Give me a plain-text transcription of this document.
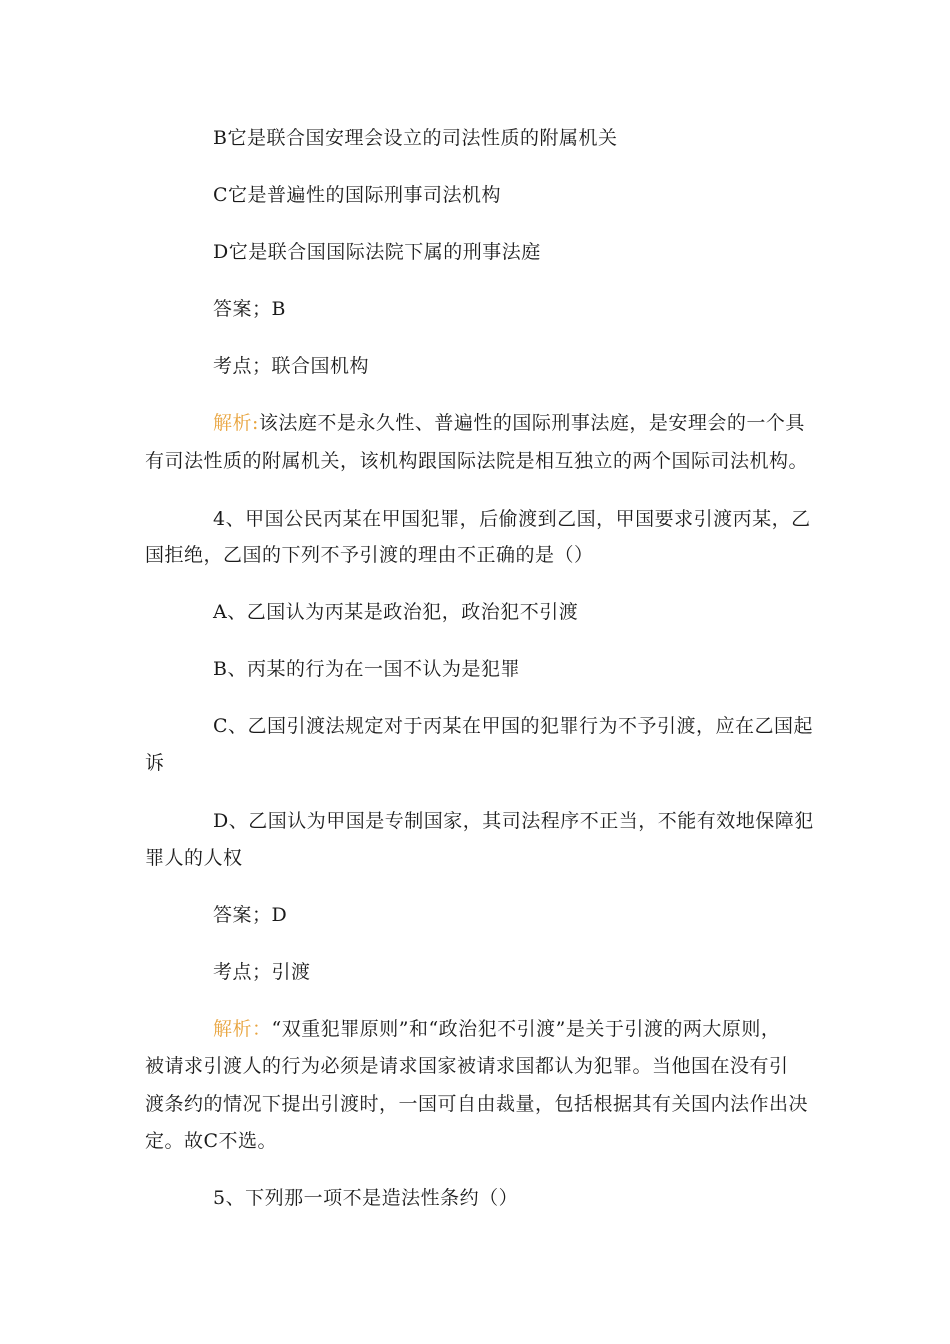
B它是联合国安理会设立的司法性质的附属机关
C它是普遍性的国际刑事司法机构
D它是联合国国际法院下属的刑事法庭
答案；B
考点；联合国机构
解析:该法庭不是永久性、普遍性的国际刑事法庭，是安理会的一个具
有司法性质的附属机关，该机构跟国际法院是相互独立的两个国际司法机构。
4、甲国公民丙某在甲国犯罪，后偷渡到乙国，甲国要求引渡丙某，乙
国拒绝，乙国的下列不予引渡的理由不正确的是（）
A、乙国认为丙某是政治犯，政治犯不引渡
B、丙某的行为在一国不认为是犯罪
C、乙国引渡法规定对于丙某在甲国的犯罪行为不予引渡，应在乙国起
诉
D、乙国认为甲国是专制国家，其司法程序不正当，不能有效地保障犯
罪人的人权
答案；D
考点；引渡
解析：“双重犯罪原则”和“政治犯不引渡”是关于引渡的两大原则，
被请求引渡人的行为必须是请求国家被请求国都认为犯罪。当他国在没有引
渡条约的情况下提出引渡时，一国可自由裁量，包括根据其有关国内法作出决
定。故C不选。
5、下列那一项不是造法性条约（）
